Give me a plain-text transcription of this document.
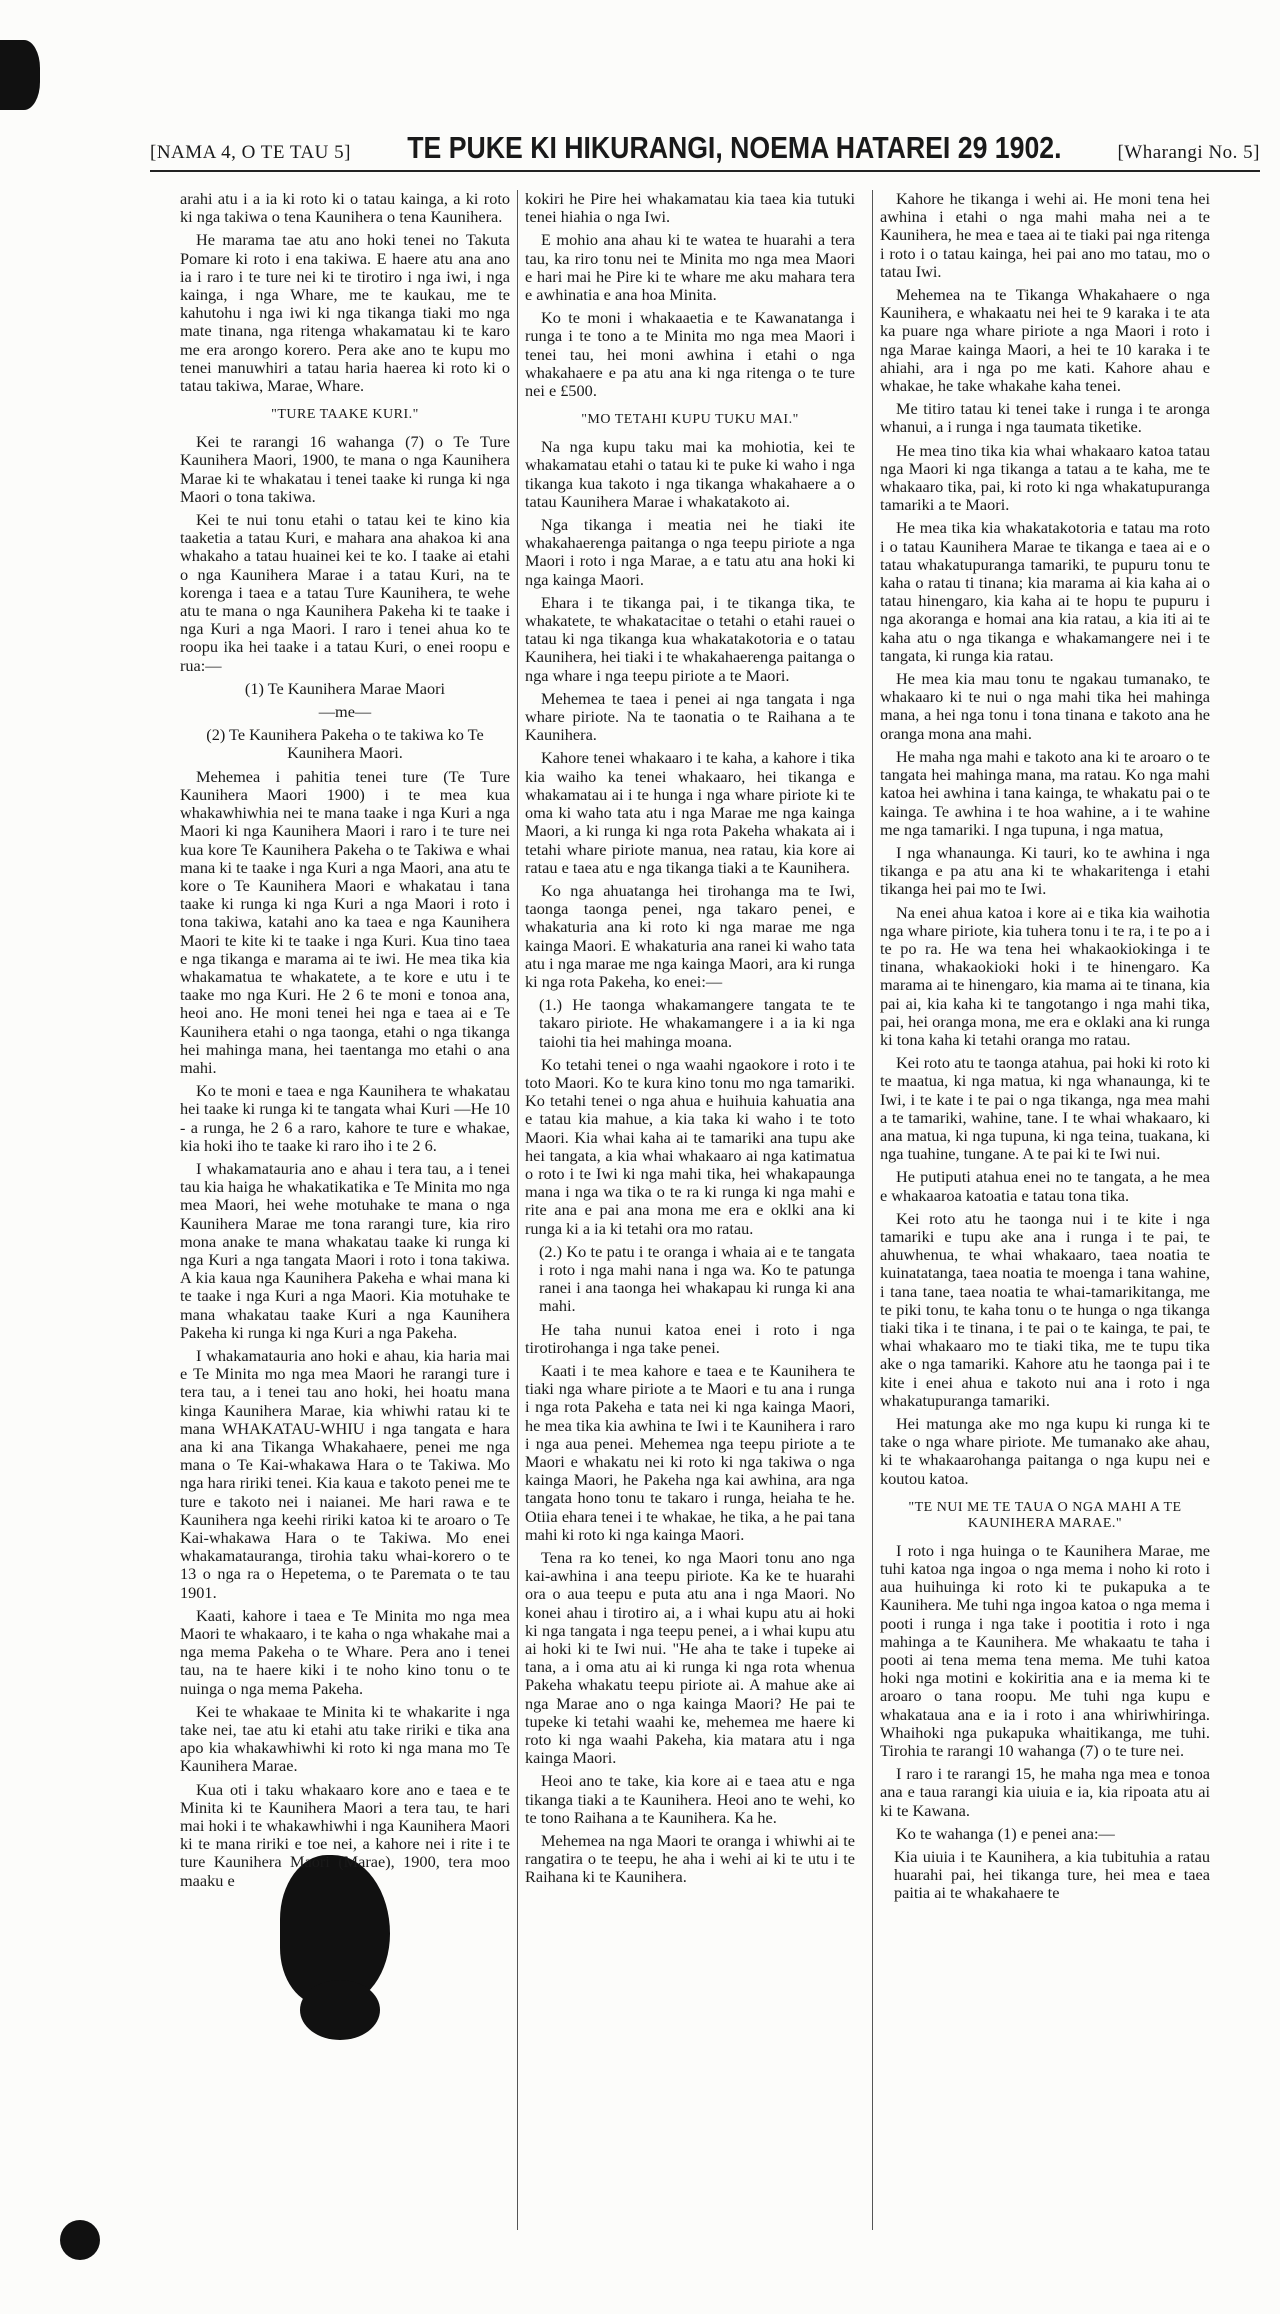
[NAMA 4, O TE TAU 5] TE PUKE KI HIKURANGI, NOEMA HATAREI 29 1902.	[Wharangi No. 5]

arahi atu i a ia ki roto ki o tatau kainga, a ki roto ki nga takiwa o tena Kaunihera o tena Kaunihera.

He marama tae atu ano hoki tenei no Takuta Pomare ki roto i ena takiwa. E haere atu ana ano ia i raro i te ture nei ki te tirotiro i nga iwi, i nga kainga, i nga Whare, me te kaukau, me te kahutohu i nga iwi ki nga tikanga tiaki mo nga mate tinana, nga ritenga whakamatau ki te karo me era arongo korero. Pera ake ano te kupu mo tenei manuwhiri a tatau haria haerea ki roto ki o tatau takiwa, Marae, Whare.

"TURE TAAKE KURI."

Kei te rarangi 16 wahanga (7) o Te Ture Kaunihera Maori, 1900, te mana o nga Kaunihera Marae ki te whakatau i tenei taake ki runga ki nga Maori o tona takiwa.

Kei te nui tonu etahi o tatau kei te kino kia taaketia a tatau Kuri, e mahara ana ahakoa ki ana whakaho a tatau huainei kei te ko. I taake ai etahi o nga Kaunihera Marae i a tatau Kuri, na te korenga i taea e a tatau Ture Kaunihera, te wehe atu te mana o nga Kaunihera Pakeha ki te taake i nga Kuri a nga Maori. I raro i tenei ahua ko te roopu ika hei taake i a tatau Kuri, o enei roopu e rua:—

(1) Te Kaunihera Marae Maori

—me—

(2) Te Kaunihera Pakeha o te takiwa ko Te Kaunihera Maori.

Mehemea i pahitia tenei ture (Te Ture Kaunihera Maori 1900) i te mea kua whakawhiwhia nei te mana taake i nga Kuri a nga Maori ki nga Kaunihera Maori i raro i te ture nei kua kore Te Kaunihera Pakeha o te Takiwa e whai mana ki te taake i nga Kuri a nga Maori, ana atu te kore o Te Kaunihera Maori e whakatau i tana taake ki runga ki nga Kuri a nga Maori i roto i tona takiwa, katahi ano ka taea e nga Kaunihera Maori te kite ki te taake i nga Kuri. Kua tino taea e nga tikanga e marama ai te iwi. He mea tika kia whakamatua te whakatete, a te kore e utu i te taake mo nga Kuri. He 2 6 te moni e tonoa ana, heoi ano. He moni tenei hei nga e taea ai e Te Kaunihera etahi o nga taonga, etahi o nga tikanga hei mahinga mana, hei taentanga mo etahi o ana mahi.

Ko te moni e taea e nga Kaunihera te whakatau hei taake ki runga ki te tangata whai Kuri —He 10 - a runga, he 2 6 a raro, kahore te ture e whakae, kia hoki iho te taake ki raro iho i te 2 6.

I whakamatauria ano e ahau i tera tau, a i tenei tau kia haiga he whakatikatika e Te Minita mo nga mea Maori, hei wehe motuhake te mana o nga Kaunihera Marae me tona rarangi ture, kia riro mona anake te mana whakatau taake ki runga ki nga Kuri a nga tangata Maori i roto i tona takiwa. A kia kaua nga Kaunihera Pakeha e whai mana ki te taake i nga Kuri a nga Maori. Kia motuhake te mana whakatau taake Kuri a nga Kaunihera Pakeha ki runga ki nga Kuri a nga Pakeha.

I whakamatauria ano hoki e ahau, kia haria mai e Te Minita mo nga mea Maori he rarangi ture i tera tau, a i tenei tau ano hoki, hei hoatu mana kinga Kaunihera Marae, kia whiwhi ratau ki te mana WHAKATAU-WHIU i nga tangata e hara ana ki ana Tikanga Whakahaere, penei me nga mana o Te Kai-whakawa Hara o te Takiwa. Mo nga hara ririki tenei. Kia kaua e takoto penei me te ture e takoto nei i naianei. Me hari rawa e te Kaunihera nga keehi ririki katoa ki te aroaro o Te Kai-whakawa Hara o te Takiwa. Mo enei whakamatauranga, tirohia taku whai-korero o te 13 o nga ra o Hepetema, o te Paremata o te tau 1901.

Kaati, kahore i taea e Te Minita mo nga mea Maori te whakaaro, i te kaha o nga whakahe mai a nga mema Pakeha o te Whare. Pera ano i tenei tau, na te haere kiki i te noho kino tonu o te nuinga o nga mema Pakeha.

Kei te whakaae te Minita ki te whakarite i nga take nei, tae atu ki etahi atu take ririki e tika ana apo kia whakawhiwhi ki roto ki nga mana mo Te Kaunihera Marae.

Kua oti i taku whakaaro kore ano e taea e te Minita ki te Kaunihera Maori a tera tau, te hari mai hoki i te whakawhiwhi i nga Kaunihera Maori ki te mana ririki e toe nei, a kahore nei i rite i te ture Kaunihera Maori (Marae), 1900, tera moo maaku e

kokiri he Pire hei whakamatau kia taea kia tutuki tenei hiahia o nga Iwi.

E mohio ana ahau ki te watea te huarahi a tera tau, ka riro tonu nei te Minita mo nga mea Maori e hari mai he Pire ki te whare me aku mahara tera e awhinatia e ana hoa Minita.

Ko te moni i whakaaetia e te Kawanatanga i runga i te tono a te Minita mo nga mea Maori i tenei tau, hei moni awhina i etahi o nga whakahaere e pa atu ana ki nga ritenga o te ture nei e £500.

"MO TETAHI KUPU TUKU MAI."

Na nga kupu taku mai ka mohiotia, kei te whakamatau etahi o tatau ki te puke ki waho i nga tikanga kua takoto i nga tikanga whakahaere a o tatau Kaunihera Marae i whakatakoto ai.

Nga tikanga i meatia nei he tiaki ite whakahaerenga paitanga o nga teepu piriote a nga Maori i roto i nga Marae, a e tatu atu ana hoki ki nga kainga Maori.

Ehara i te tikanga pai, i te tikanga tika, te whakatete, te whakatacitae o tetahi o etahi rauei o tatau ki nga tikanga kua whakatakotoria e o tatau Kaunihera, hei tiaki i te whakahaerenga paitanga o nga whare i nga teepu piriote a te Maori.

Mehemea te taea i penei ai nga tangata i nga whare piriote. Na te taonatia o te Raihana a te Kaunihera.

Kahore tenei whakaaro i te kaha, a kahore i tika kia waiho ka tenei whakaaro, hei tikanga e whakamatau ai i te hunga i nga whare piriote ki te oma ki waho tata atu i nga Marae me nga kainga Maori, a ki runga ki nga rota Pakeha whakata ai i tetahi whare piriote manua, nea ratau, kia kore ai ratau e taea atu e nga tikanga tiaki a te Kaunihera.

Ko nga ahuatanga hei tirohanga ma te Iwi, taonga taonga penei, nga takaro penei, e whakaturia ana ki roto ki nga marae me nga kainga Maori. E whakaturia ana ranei ki waho tata atu i nga marae me nga kainga Maori, ara ki runga ki nga rota Pakeha, ko enei:—

(1.) He taonga whakamangere tangata te te takaro piriote. He whakamangere i a ia ki nga taiohi tia hei mahinga moana.

Ko tetahi tenei o nga waahi ngaokore i roto i te toto Maori. Ko te kura kino tonu mo nga tamariki. Ko tetahi tenei o nga ahua e huihuia kahuatia ana e tatau kia mahue, a kia taka ki waho i te toto Maori. Kia whai kaha ai te tamariki ana tupu ake hei tangata, a kia whai whakaaro ai nga katimatua o roto i te Iwi ki nga mahi tika, hei whakapaunga mana i nga wa tika o te ra ki runga ki nga mahi e rite ana e pai ana mona me era e oklki ana ki runga ki a ia ki tetahi ora mo ratau.

(2.) Ko te patu i te oranga i whaia ai e te tangata i roto i nga mahi nana i nga wa. Ko te patunga ranei i ana taonga hei whakapau ki runga ki ana mahi.

He taha nunui katoa enei i roto i nga tirotirohanga i nga take penei.

Kaati i te mea kahore e taea e te Kaunihera te tiaki nga whare piriote a te Maori e tu ana i runga i nga rota Pakeha e tata nei ki nga kainga Maori, he mea tika kia awhina te Iwi i te Kaunihera i raro i nga aua penei. Mehemea nga teepu piriote a te Maori e whakatu nei ki roto ki nga takiwa o nga kainga Maori, he Pakeha nga kai awhina, ara nga tangata hono tonu te takaro i runga, heiaha te he. Otiia ehara tenei i te whakae, he tika, a he pai tana mahi ki roto ki nga kainga Maori.

Tena ra ko tenei, ko nga Maori tonu ano nga kai-awhina i ana teepu piriote. Ka ke te huarahi ora o aua teepu e puta atu ana i nga Maori. No konei ahau i tirotiro ai, a i whai kupu atu ai hoki ki nga tangata i nga teepu penei, a i whai kupu atu ai hoki ki te Iwi nui. "He aha te take i tupeke ai tana, a i oma atu ai ki runga ki nga rota whenua Pakeha whakatu teepu piriote ai. A mahue ake ai nga Marae ano o nga kainga Maori? He pai te tupeke ki tetahi waahi ke, mehemea me haere ki roto ki nga waahi Pakeha, kia matara atu i nga kainga Maori.

Heoi ano te take, kia kore ai e taea atu e nga tikanga tiaki a te Kaunihera. Heoi ano te wehi, ko te tono Raihana a te Kaunihera. Ka he.

Mehemea na nga Maori te oranga i whiwhi ai te rangatira o te teepu, he aha i wehi ai ki te utu i te Raihana ki te Kaunihera.

Kahore he tikanga i wehi ai. He moni tena hei awhina i etahi o nga mahi maha nei a te Kaunihera, he mea e taea ai te tiaki pai nga ritenga i roto i o tatau kainga, hei pai ano mo tatau, mo o tatau Iwi.

Mehemea na te Tikanga Whakahaere o nga Kaunihera, e whakaatu nei hei te 9 karaka i te ata ka puare nga whare piriote a nga Maori i roto i nga Marae kainga Maori, a hei te 10 karaka i te ahiahi, ara i nga po me kati. Kahore ahau e whakae, he take whakahe kaha tenei.

Me titiro tatau ki tenei take i runga i te aronga whanui, a i runga i nga taumata tiketike.

He mea tino tika kia whai whakaaro katoa tatau nga Maori ki nga tikanga a tatau a te kaha, me te whakaaro tika, pai, ki roto ki nga whakatupuranga tamariki a te Maori.

He mea tika kia whakatakotoria e tatau ma roto i o tatau Kaunihera Marae te tikanga e taea ai e o tatau whakatupuranga tamariki, te pupuru tonu te kaha o ratau ti tinana; kia marama ai kia kaha ai o tatau hinengaro, kia kaha ai te hopu te pupuru i nga akoranga e homai ana kia ratau, a kia iti ai te kaha atu o nga tikanga e whakamangere nei i te tangata, ki runga kia ratau.

He mea kia mau tonu te ngakau tumanako, te whakaaro ki te nui o nga mahi tika hei mahinga mana, a hei nga tonu i tona tinana e takoto ana he oranga mona ana mahi.

He maha nga mahi e takoto ana ki te aroaro o te tangata hei mahinga mana, ma ratau. Ko nga mahi katoa hei awhina i tana kainga, te whakatu pai o te kainga. Te awhina i te hoa wahine, a i te wahine me nga tamariki. I nga tupuna, i nga matua,

I nga whanaunga. Ki tauri, ko te awhina i nga tikanga e pa atu ana ki te whakaritenga i etahi tikanga hei pai mo te Iwi.

Na enei ahua katoa i kore ai e tika kia waihotia nga whare piriote, kia tuhera tonu i te ra, i te po a i te po ra. He wa tena hei whakaokiokinga i te tinana, whakaokioki hoki i te hinengaro. Ka marama ai te hinengaro, kia mama ai te tinana, kia pai ai, kia kaha ki te tangotango i nga mahi tika, pai, hei oranga mona, me era e oklaki ana ki runga ki tona kaha ki tetahi oranga mo ratau.

Kei roto atu te taonga atahua, pai hoki ki roto ki te maatua, ki nga matua, ki nga whanaunga, ki te Iwi, i te kate i te pai o nga tikanga, nga mea mahi a te tamariki, wahine, tane. I te whai whakaaro, ki ana matua, ki nga tupuna, ki nga teina, tuakana, ki nga tuahine, tungane. A te pai ki te Iwi nui.

He putiputi atahua enei no te tangata, a he mea e whakaaroa katoatia e tatau tona tika.

Kei roto atu he taonga nui i te kite i nga tamariki e tupu ake ana i runga i te pai, te ahuwhenua, te whai whakaaro, taea noatia te kuinatatanga, taea noatia te moenga i tana wahine, i tana tane, taea noatia te whai-tamarikitanga, me te piki tonu, te kaha tonu o te hunga o nga tikanga tiaki tika i te tinana, i te pai o te kainga, te pai, te whai whakaaro mo te tiaki tika, me te tupu tika ake o nga tamariki. Kahore atu he taonga pai i te kite i enei ahua e takoto nui ana i roto i nga whakatupuranga tamariki.

Hei matunga ake mo nga kupu ki runga ki te take o nga whare piriote. Me tumanako ake ahau, ki te whakaarohanga paitanga o nga kupu nei e koutou katoa.

"TE NUI ME TE TAUA O NGA MAHI A TE KAUNIHERA MARAE."

I roto i nga huinga o te Kaunihera Marae, me tuhi katoa nga ingoa o nga mema i noho ki roto i aua huihuinga ki roto ki te pukapuka a te Kaunihera. Me tuhi nga ingoa katoa o nga mema i pooti i runga i nga take i pootitia i roto i nga mahinga a te Kaunihera. Me whakaatu te taha i pooti ai tena mema tena mema. Me tuhi katoa hoki nga motini e kokiritia ana e ia mema ki te aroaro o tana roopu. Me tuhi nga kupu e whakataua ana e ia i roto i ana whiriwhiringa. Whaihoki nga pukapuka whaitikanga, me tuhi. Tirohia te rarangi 10 wahanga (7) o te ture nei.

I raro i te rarangi 15, he maha nga mea e tonoa ana e taua rarangi kia uiuia e ia, kia ripoata atu ai ki te Kawana.

Ko te wahanga (1) e penei ana:—

Kia uiuia i te Kaunihera, a kia tubituhia a ratau huarahi pai, hei tikanga ture, hei mea e taea paitia ai te whakahaere te
